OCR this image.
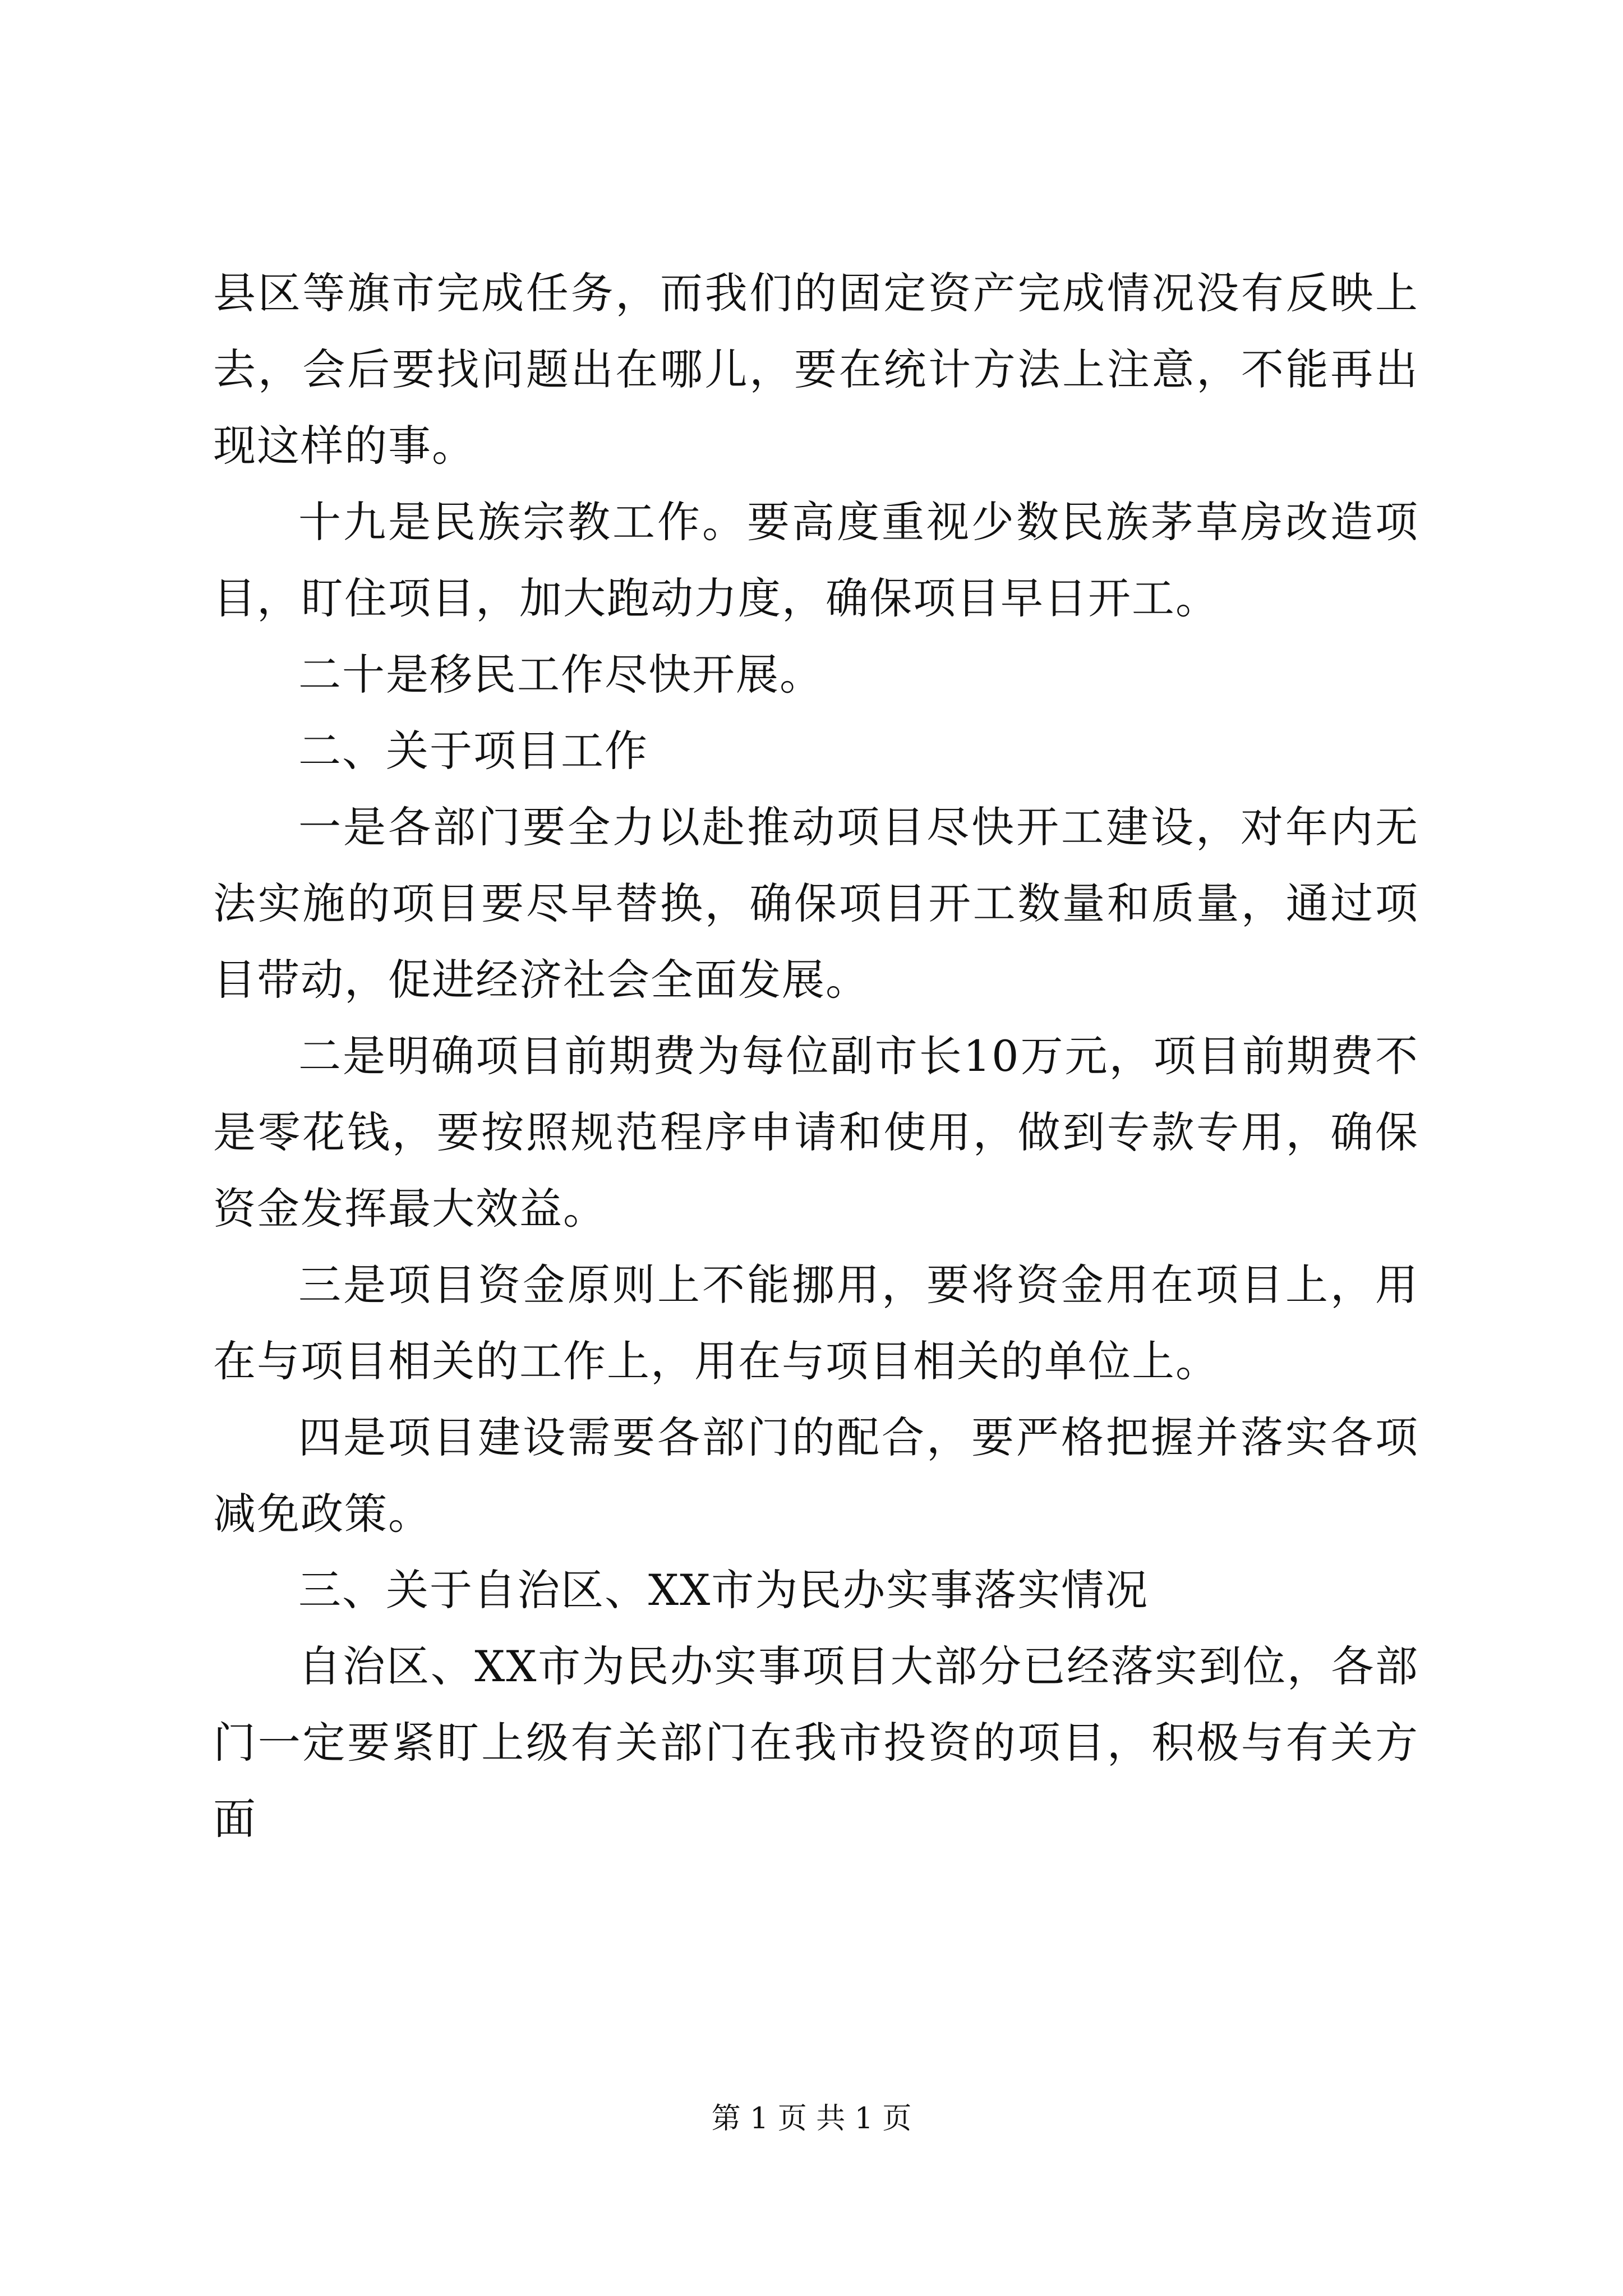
县区等旗市完成任务，而我们的固定资产完成情况没有反映上去，会后要找问题出在哪儿，要在统计方法上注意，不能再出现这样的事。

十九是民族宗教工作。要高度重视少数民族茅草房改造项目，盯住项目，加大跑动力度，确保项目早日开工。

二十是移民工作尽快开展。

二、关于项目工作

一是各部门要全力以赴推动项目尽快开工建设，对年内无法实施的项目要尽早替换，确保项目开工数量和质量，通过项目带动，促进经济社会全面发展。

二是明确项目前期费为每位副市长10万元，项目前期费不是零花钱，要按照规范程序申请和使用，做到专款专用，确保资金发挥最大效益。

三是项目资金原则上不能挪用，要将资金用在项目上，用在与项目相关的工作上，用在与项目相关的单位上。

四是项目建设需要各部门的配合，要严格把握并落实各项减免政策。

三、关于自治区、XX市为民办实事落实情况

自治区、XX市为民办实事项目大部分已经落实到位，各部门一定要紧盯上级有关部门在我市投资的项目，积极与有关方面

第 1 页 共 1 页
